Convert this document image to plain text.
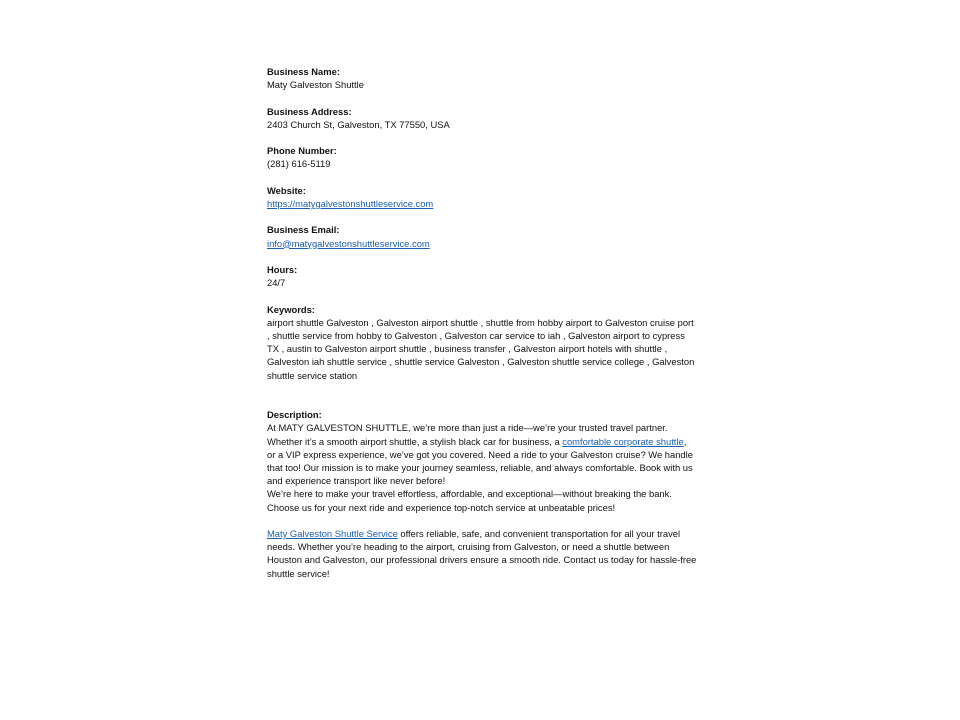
Business Name:
Maty Galveston Shuttle
Business Address:
2403 Church St, Galveston, TX 77550, USA
Phone Number:
(281) 616-5119
Website:
https://matygalvestonshuttleservice.com
Business Email:
info@matygalvestonshuttleservice.com
Hours:
24/7
Keywords:
airport shuttle Galveston , Galveston airport shuttle , shuttle from hobby airport to Galveston cruise port , shuttle service from hobby to Galveston , Galveston car service to iah , Galveston airport to cypress TX , austin to Galveston airport shuttle , business transfer , Galveston airport hotels with shuttle , Galveston iah shuttle service , shuttle service Galveston , Galveston shuttle service college , Galveston shuttle service station
Description:

At MATY GALVESTON SHUTTLE, we’re more than just a ride—we’re your trusted travel partner. Whether it’s a smooth airport shuttle, a stylish black car for business, a comfortable corporate shuttle, or a VIP express experience, we’ve got you covered. Need a ride to your Galveston cruise? We handle that too! Our mission is to make your journey seamless, reliable, and always comfortable. Book with us and experience transport like never before!

We’re here to make your travel effortless, affordable, and exceptional—without breaking the bank. Choose us for your next ride and experience top-notch service at unbeatable prices!

Maty Galveston Shuttle Service offers reliable, safe, and convenient transportation for all your travel needs. Whether you’re heading to the airport, cruising from Galveston, or need a shuttle between Houston and Galveston, our professional drivers ensure a smooth ride. Contact us today for hassle-free shuttle service!
